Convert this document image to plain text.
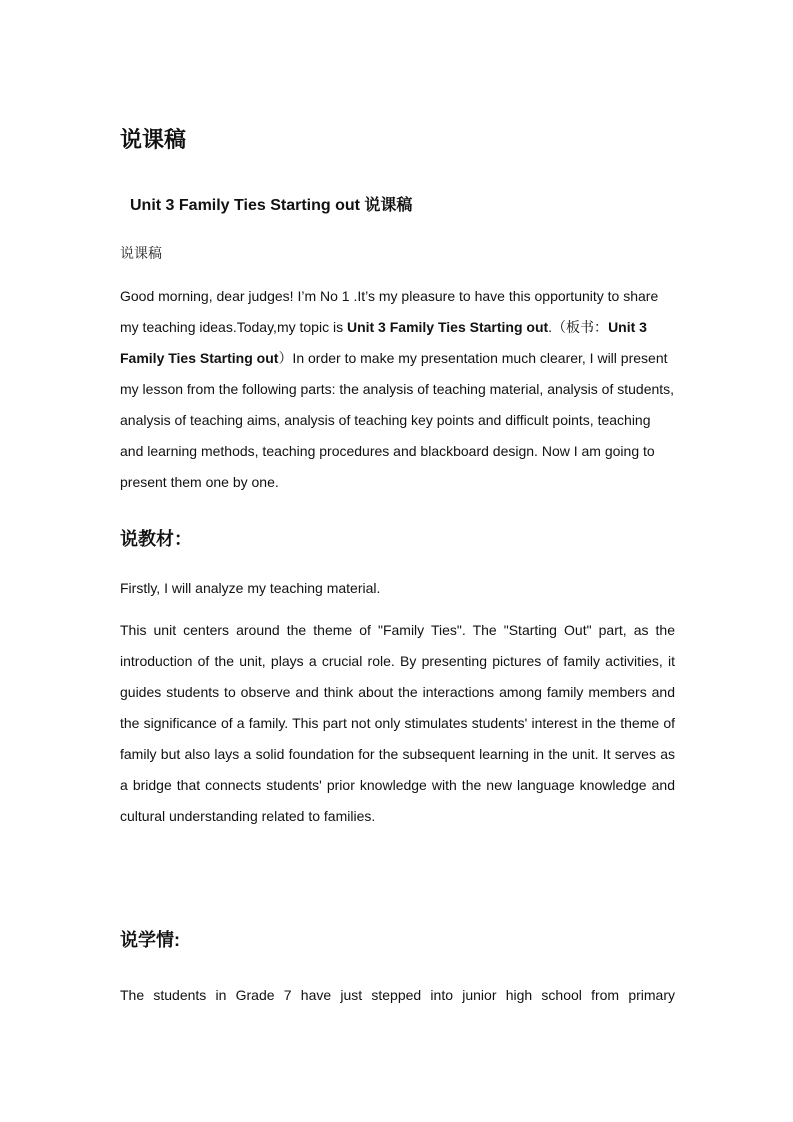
说课稿
Unit 3 Family Ties Starting out 说课稿

说课稿

Good morning, dear judges! I’m No 1 .It’s my pleasure to have this opportunity to share my teaching ideas.Today,my topic is Unit 3 Family Ties Starting out.（板书：Unit 3 Family Ties Starting out）In order to make my presentation much clearer, I will present my lesson from the following parts: the analysis of teaching material, analysis of students, analysis of teaching aims, analysis of teaching key points and difficult points, teaching and learning methods, teaching procedures and blackboard design. Now I am going to present them one by one.

说教材：

Firstly, I will analyze my teaching material.

This unit centers around the theme of "Family Ties". The "Starting Out" part, as the introduction of the unit, plays a crucial role. By presenting pictures of family activities, it guides students to observe and think about the interactions among family members and the significance of a family. This part not only stimulates students' interest in the theme of family but also lays a solid foundation for the subsequent learning in the unit. It serves as a bridge that connects students' prior knowledge with the new language knowledge and cultural understanding related to families.

说学情:

The students in Grade 7 have just stepped into junior high school from primary
